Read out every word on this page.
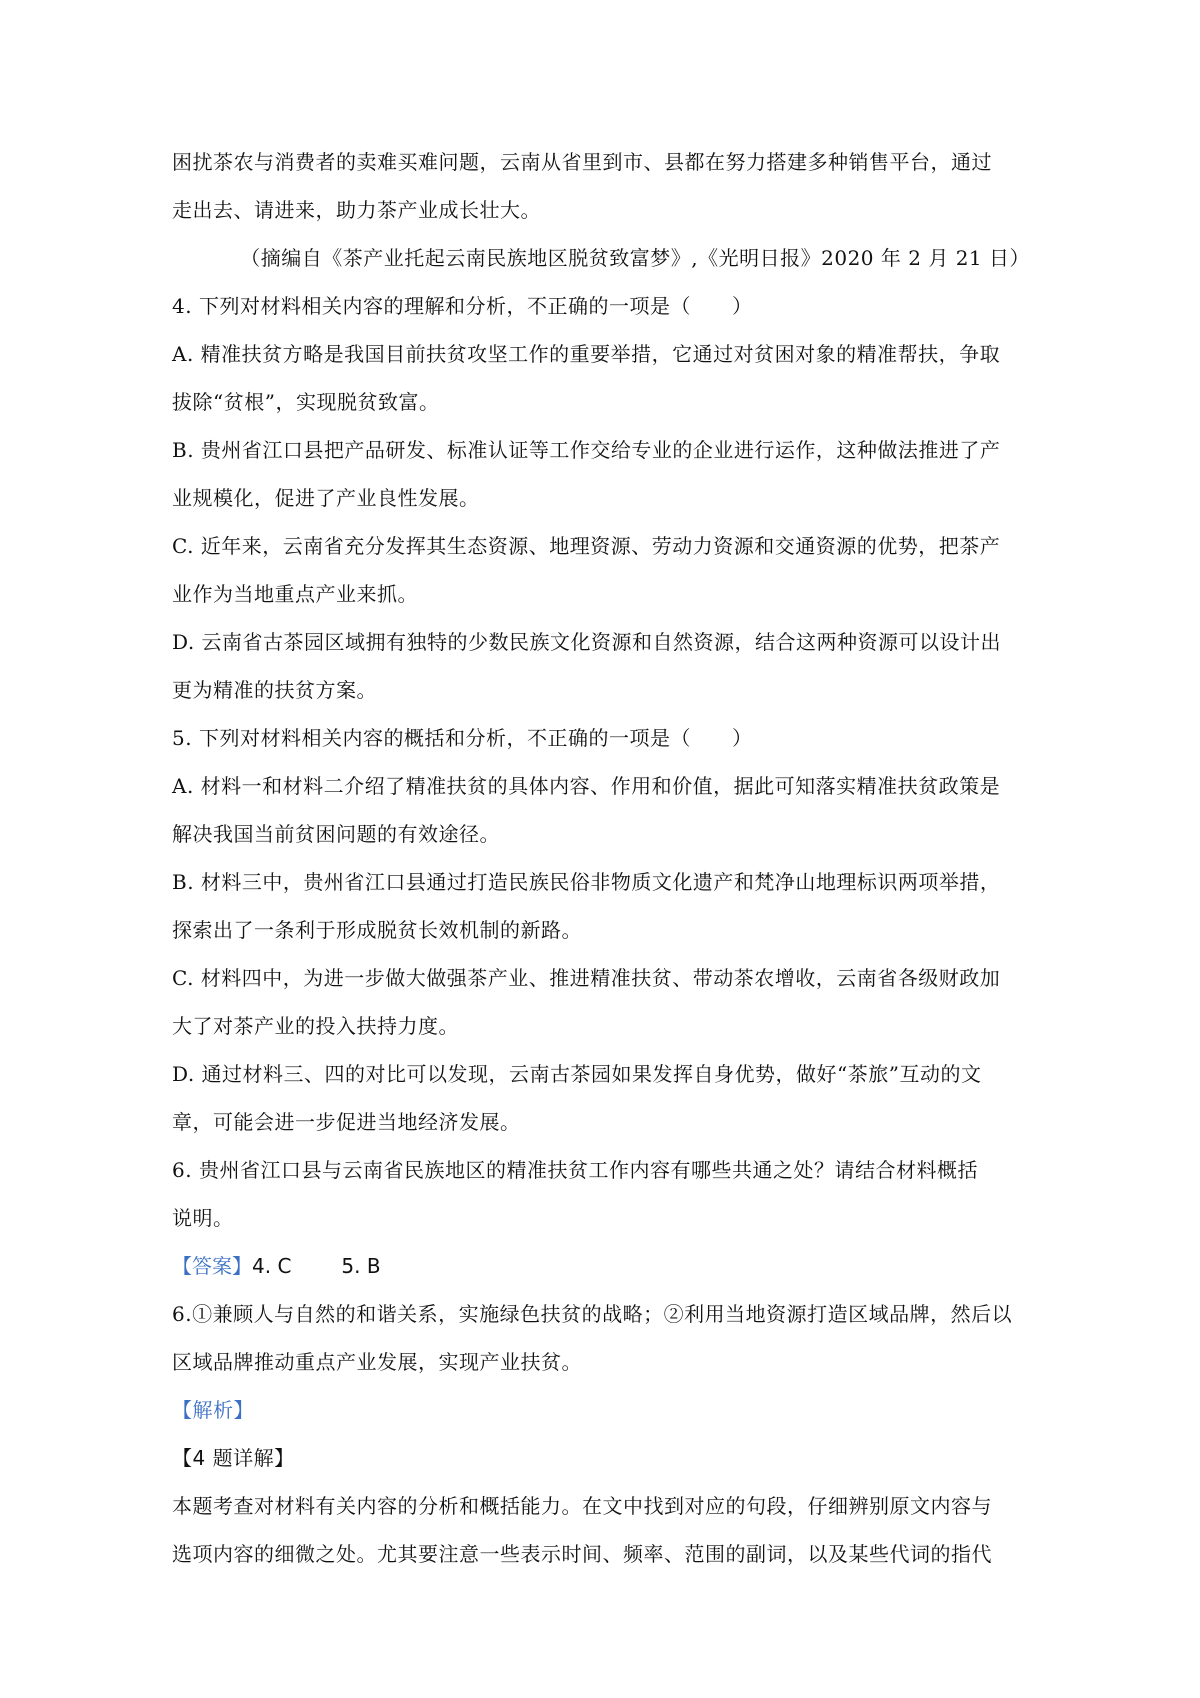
困扰茶农与消费者的卖难买难问题，云南从省里到市、县都在努力搭建多种销售平台，通过
走出去、请进来，助力茶产业成长壮大。
（摘编自《茶产业托起云南民族地区脱贫致富梦》,《光明日报》2020 年 2 月 21 日）
4. 下列对材料相关内容的理解和分析，不正确的一项是（　　）
A. 精准扶贫方略是我国目前扶贫攻坚工作的重要举措，它通过对贫困对象的精准帮扶，争取
拔除“贫根”，实现脱贫致富。
B. 贵州省江口县把产品研发、标准认证等工作交给专业的企业进行运作，这种做法推进了产
业规模化，促进了产业良性发展。
C. 近年来，云南省充分发挥其生态资源、地理资源、劳动力资源和交通资源的优势，把茶产
业作为当地重点产业来抓。
D. 云南省古茶园区域拥有独特的少数民族文化资源和自然资源，结合这两种资源可以设计出
更为精准的扶贫方案。
5. 下列对材料相关内容的概括和分析，不正确的一项是（　　）
A. 材料一和材料二介绍了精准扶贫的具体内容、作用和价值，据此可知落实精准扶贫政策是
解决我国当前贫困问题的有效途径。
B. 材料三中，贵州省江口县通过打造民族民俗非物质文化遗产和梵净山地理标识两项举措，
探索出了一条利于形成脱贫长效机制的新路。
C. 材料四中，为进一步做大做强茶产业、推进精准扶贫、带动茶农增收，云南省各级财政加
大了对茶产业的投入扶持力度。
D. 通过材料三、四的对比可以发现，云南古茶园如果发挥自身优势，做好“茶旅”互动的文
章，可能会进一步促进当地经济发展。
6. 贵州省江口县与云南省民族地区的精准扶贫工作内容有哪些共通之处？请结合材料概括
说明。
【答案】4. C	5. B
6.①兼顾人与自然的和谐关系，实施绿色扶贫的战略；②利用当地资源打造区域品牌，然后以
区域品牌推动重点产业发展，实现产业扶贫。
【解析】
【4 题详解】
本题考查对材料有关内容的分析和概括能力。在文中找到对应的句段，仔细辨别原文内容与
选项内容的细微之处。尤其要注意一些表示时间、频率、范围的副词，以及某些代词的指代
